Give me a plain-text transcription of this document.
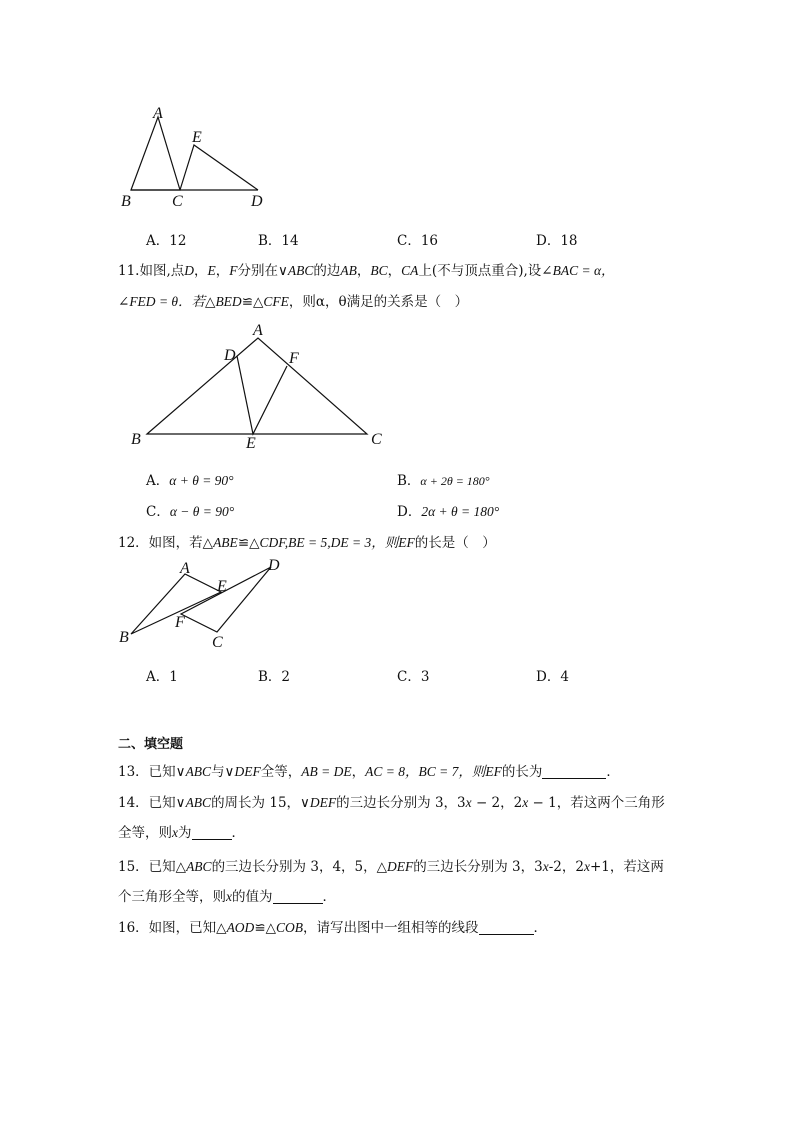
A
E
B	C	D
A．12	B．14	C．16	D．18
11.如图,点D，E，F分别在∨ABC的边AB，BC，CA上(不与顶点重合),设∠BAC = α，
∠FED = θ．若△BED≌△CFE，则α，θ满足的关系是（　）
A
D	F
B	E	C
A．α + θ = 90°	B．α + 2θ = 180°
C．α − θ = 90°	D．2α + θ = 180°
12．如图，若△ABE≌△CDF,BE = 5,DE = 3，则EF的长是（　）
A
E
D
F
B	C
A．1	B．2	C．3	D．4
二、填空题
13．已知∨ABC与∨DEF全等，AB = DE，AC = 8，BC = 7，则EF的长为	．
14．已知∨ABC的周长为 15，∨DEF的三边长分别为 3，3x − 2，2x − 1，若这两个三角形
全等，则x为	．
15．已知△ABC的三边长分别为 3，4，5，△DEF的三边长分别为 3，3x-2，2x+1，若这两
个三角形全等，则x的值为	．
16．如图，已知△AOD≌△COB，请写出图中一组相等的线段	．
